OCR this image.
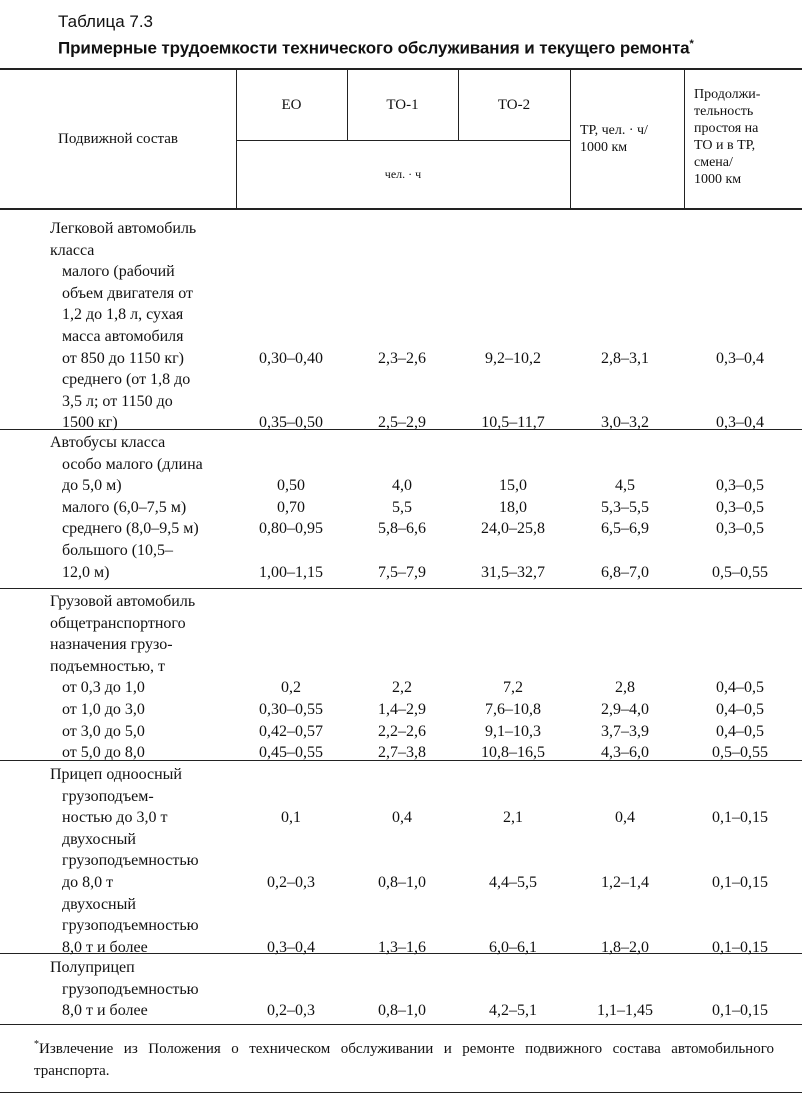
Таблица 7.3
Примерные трудоемкости технического обслуживания и текущего ремонта*
Подвижной состав
ЕО	ТО-1	ТО-2
чел. · ч
ТР, чел. · ч/
1000 км
Продолжи-
тельность
простоя на
ТО и в ТР,
смена/
1000 км
Легковой автомобиль
класса
малого (рабочий
объем двигателя от
1,2 до 1,8 л, сухая
масса автомобиля
от 850 до 1150 кг)	0,30–0,40	2,3–2,6	9,2–10,2	2,8–3,1	0,3–0,4
среднего (от 1,8 до
3,5 л; от 1150 до
1500 кг)	0,35–0,50	2,5–2,9	10,5–11,7	3,0–3,2	0,3–0,4
Автобусы класса
особо малого (длина
до 5,0 м)	0,50	4,0	15,0	4,5	0,3–0,5
малого (6,0–7,5 м)	0,70	5,5	18,0	5,3–5,5	0,3–0,5
среднего (8,0–9,5 м)	0,80–0,95	5,8–6,6	24,0–25,8	6,5–6,9	0,3–0,5
большого (10,5–
12,0 м)	1,00–1,15	7,5–7,9	31,5–32,7	6,8–7,0	0,5–0,55
Грузовой автомобиль
общетранспортного
назначения грузо-
подъемностью, т
от 0,3 до 1,0	0,2	2,2	7,2	2,8	0,4–0,5
от 1,0 до 3,0	0,30–0,55	1,4–2,9	7,6–10,8	2,9–4,0	0,4–0,5
от 3,0 до 5,0	0,42–0,57	2,2–2,6	9,1–10,3	3,7–3,9	0,4–0,5
от 5,0 до 8,0	0,45–0,55	2,7–3,8	10,8–16,5	4,3–6,0	0,5–0,55
Прицеп одноосный
грузоподъем-
ностью до 3,0 т	0,1	0,4	2,1	0,4	0,1–0,15
двухосный
грузоподъемностью
до 8,0 т	0,2–0,3	0,8–1,0	4,4–5,5	1,2–1,4	0,1–0,15
двухосный
грузоподъемностью
8,0 т и более	0,3–0,4	1,3–1,6	6,0–6,1	1,8–2,0	0,1–0,15
Полуприцеп
грузоподъемностью
8,0 т и более	0,2–0,3	0,8–1,0	4,2–5,1	1,1–1,45	0,1–0,15
*Извлечение из Положения о техническом обслуживании и ремонте подвижного состава автомобильного транспорта.
